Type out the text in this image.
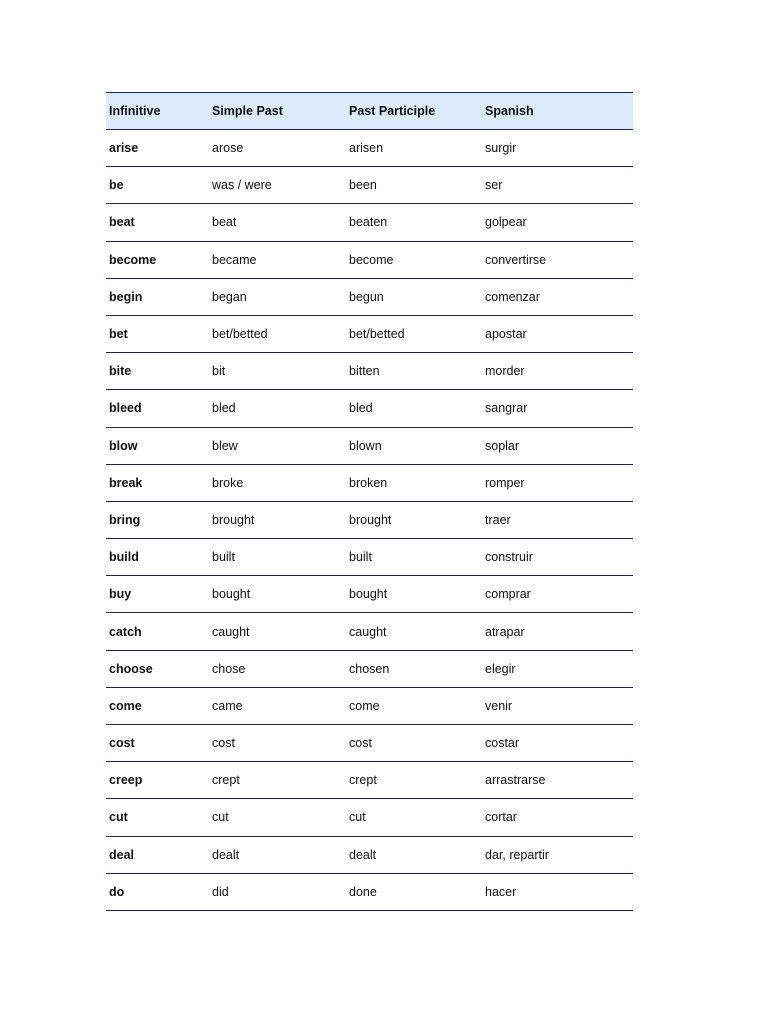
Infinitive	Simple Past	Past Participle	Spanish
arise	arose	arisen	surgir
be	was / were	been	ser
beat	beat	beaten	golpear
become	became	become	convertirse
begin	began	begun	comenzar
bet	bet/betted	bet/betted	apostar
bite	bit	bitten	morder
bleed	bled	bled	sangrar
blow	blew	blown	soplar
break	broke	broken	romper
bring	brought	brought	traer
build	built	built	construir
buy	bought	bought	comprar
catch	caught	caught	atrapar
choose	chose	chosen	elegir
come	came	come	venir
cost	cost	cost	costar
creep	crept	crept	arrastrarse
cut	cut	cut	cortar
deal	dealt	dealt	dar, repartir
do	did	done	hacer
